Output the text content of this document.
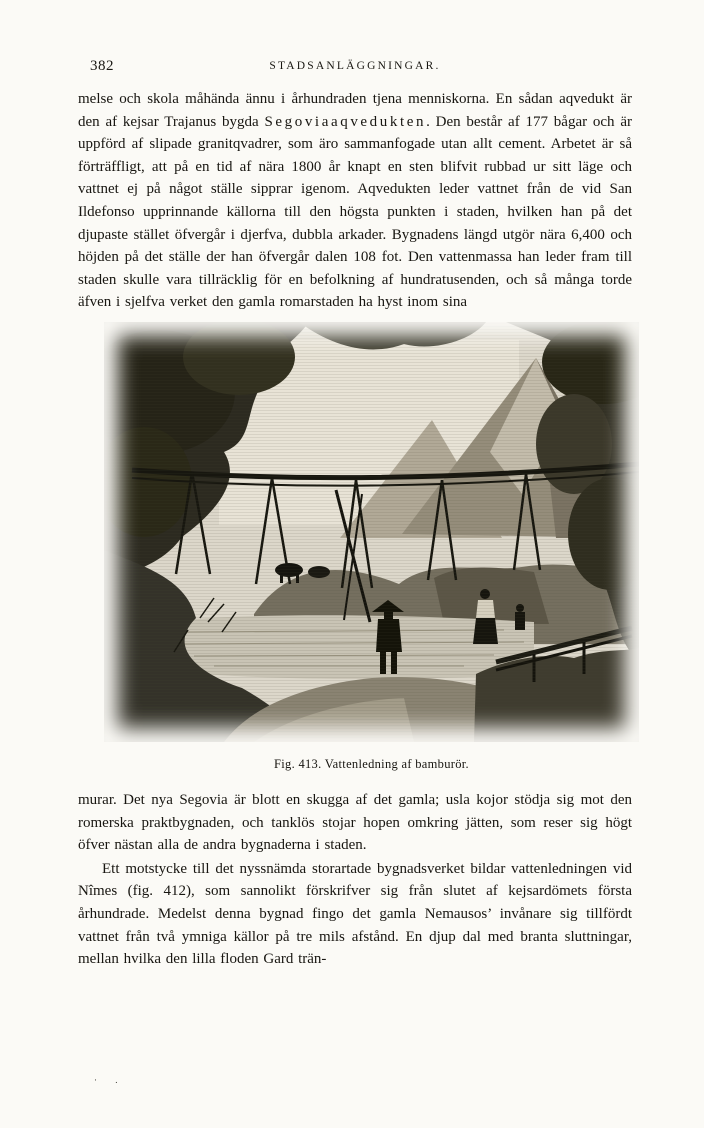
382	STADSANLÄGGNINGAR.

melse och skola måhända ännu i århundraden tjena menniskorna. En sådan aqvedukt är den af kejsar Trajanus bygda Segoviaaqvedukten. Den består af 177 bågar och är uppförd af slipade granitqvadrer, som äro sammanfogade utan allt cement. Arbetet är så förträffligt, att på en tid af nära 1800 år knapt en sten blifvit rubbad ur sitt läge och vattnet ej på något ställe sipprar igenom. Aqvedukten leder vattnet från de vid San Ildefonso upprinnande källorna till den högsta punkten i staden, hvilken han på det djupaste stället öfvergår i djerfva, dubbla arkader. Bygnadens längd utgör nära 6,400 och höjden på det ställe der han öfvergår dalen 108 fot. Den vattenmassa han leder fram till staden skulle vara tillräcklig för en befolkning af hundratusenden, och så många torde äfven i sjelfva verket den gamla romarstaden ha hyst inom sina

Fig. 413. Vattenledning af bamburör.

murar. Det nya Segovia är blott en skugga af det gamla; usla kojor stödja sig mot den romerska praktbygnaden, och tanklös stojar hopen omkring jätten, som reser sig högt öfver nästan alla de andra bygnaderna i staden.

Ett motstycke till det nyssnämda storartade bygnadsverket bildar vattenledningen vid Nîmes (fig. 412), som sannolikt förskrifver sig från slutet af kejsardömets första århundrade. Medelst denna bygnad fingo det gamla Nemausos’ invånare sig tillfördt vattnet från två ymniga källor på tre mils afstånd. En djup dal med branta sluttningar, mellan hvilka den lilla floden Gard trän-

· .
